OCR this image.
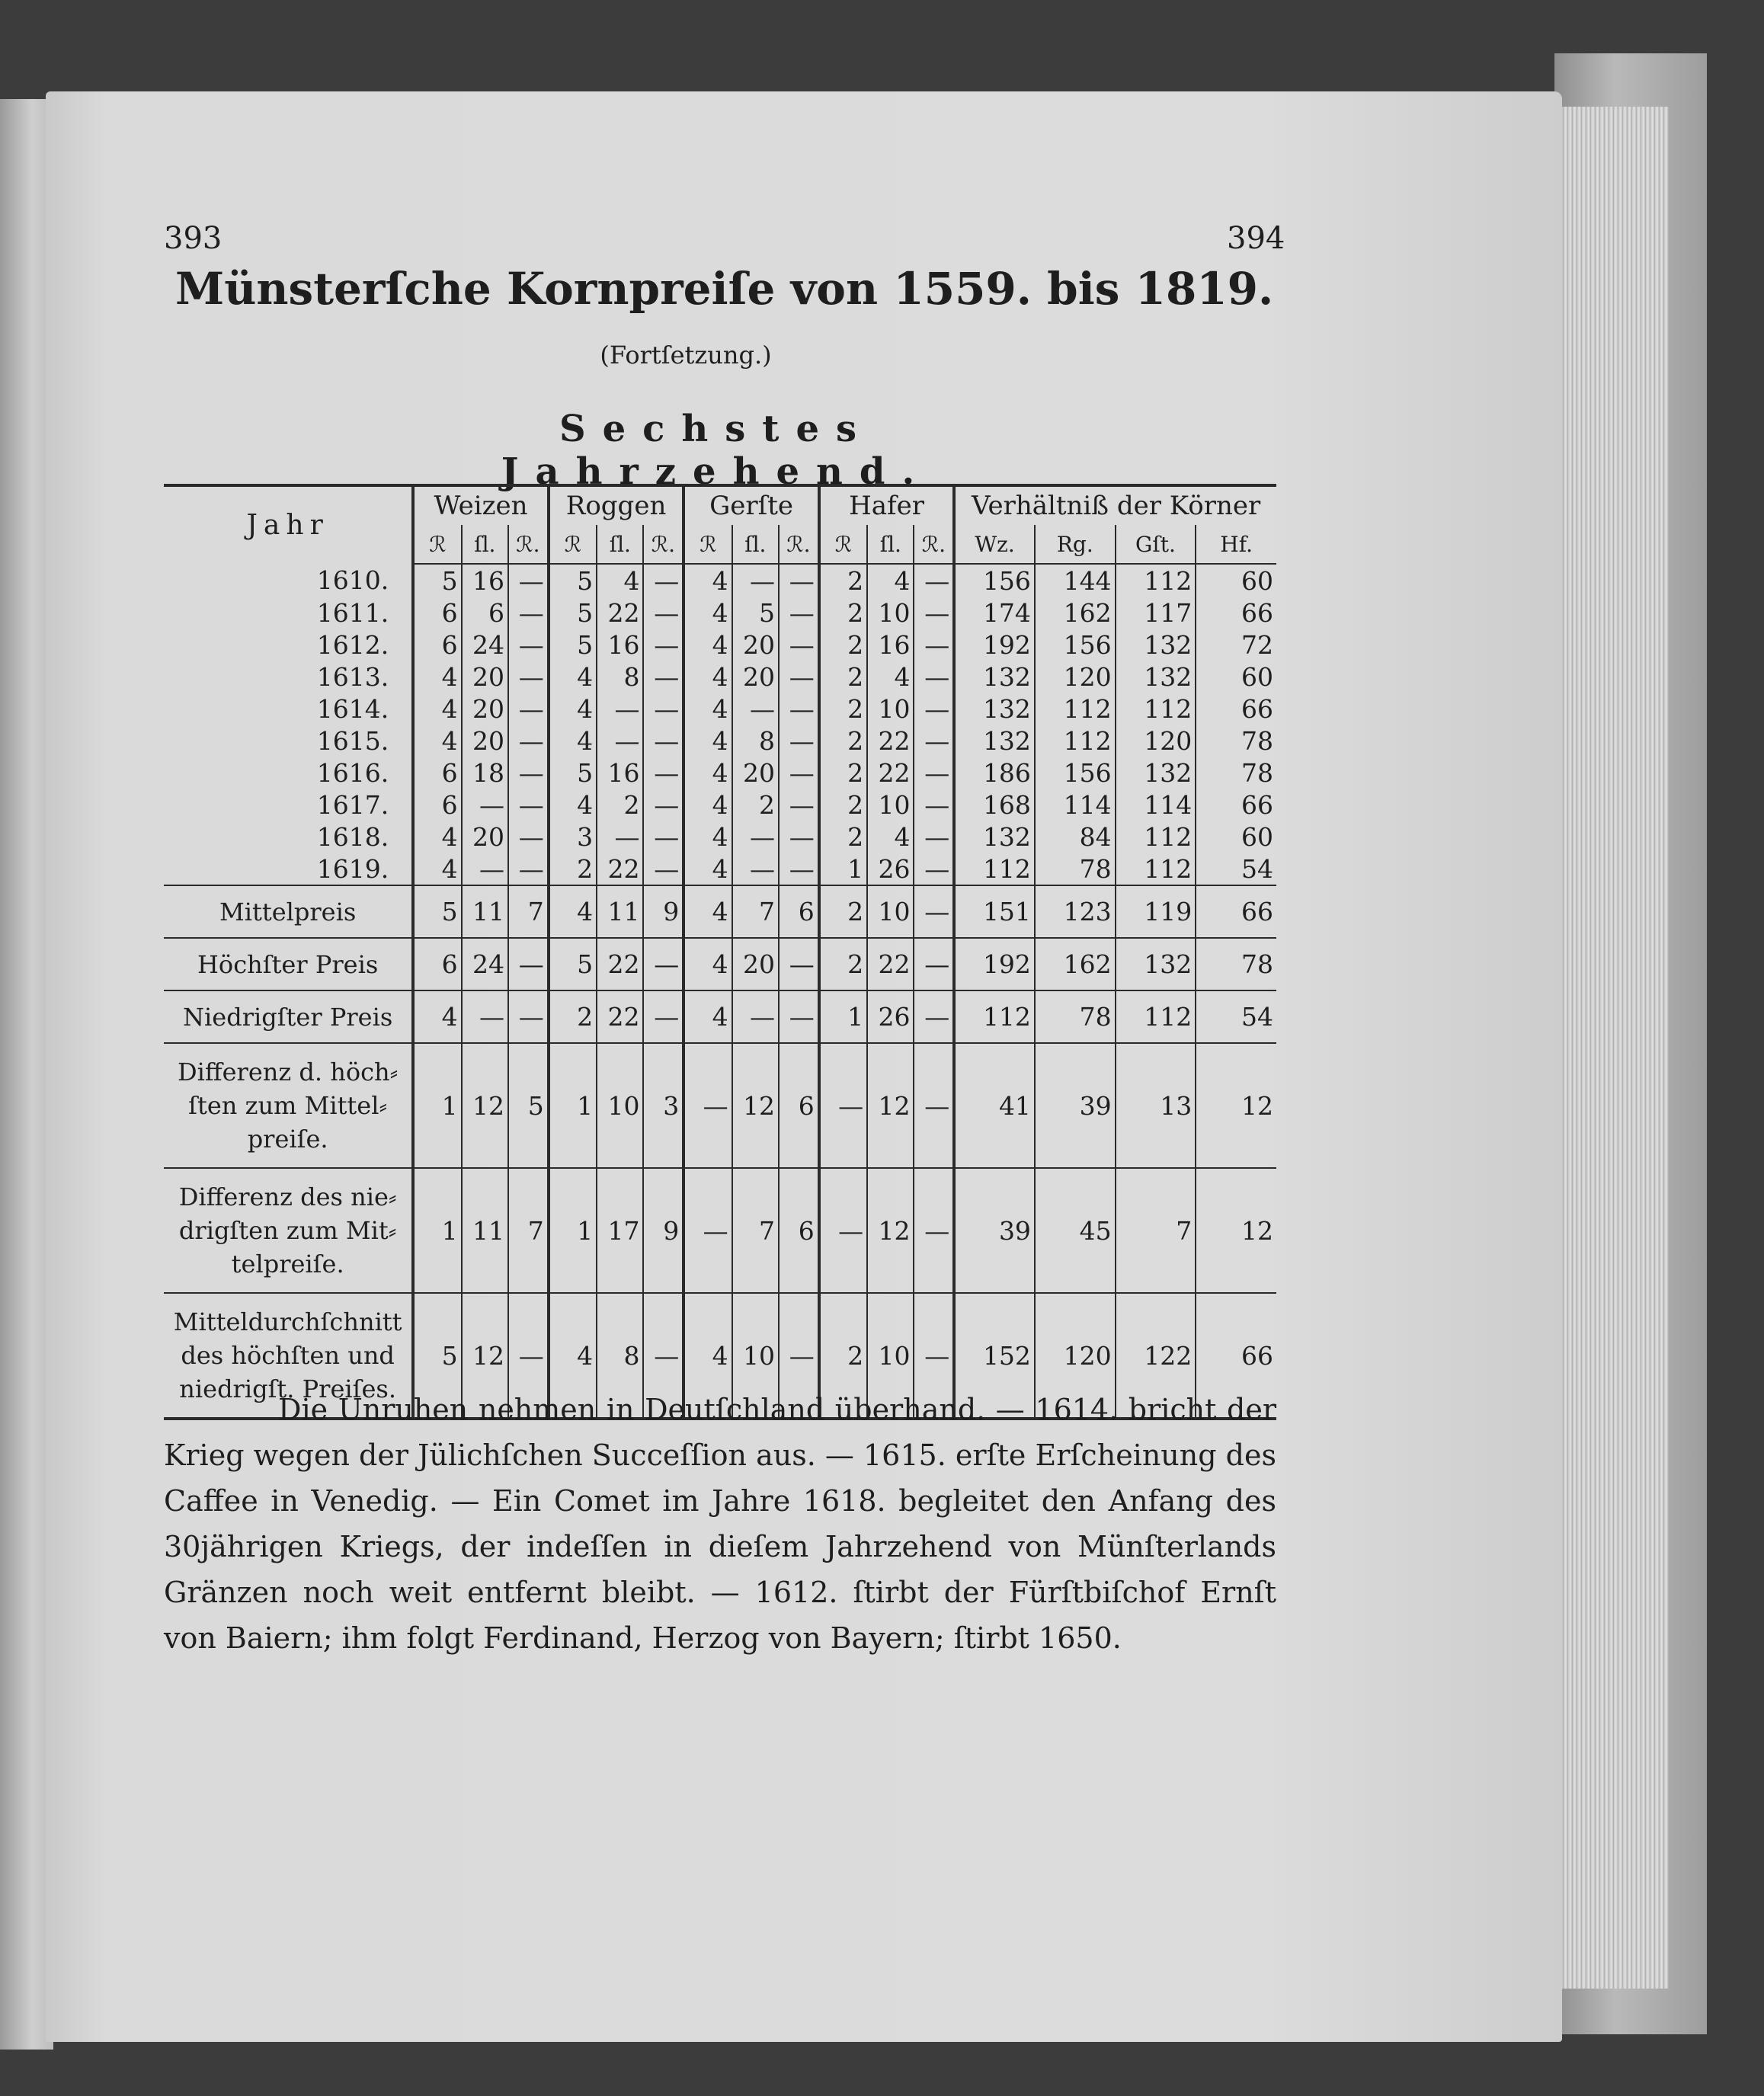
393	394
Münsterſche Kornpreiſe von 1559. bis 1819.
(Fortſetzung.)
Sechstes Jahrzehend.
Jahr	Weizen			Roggen			Gerſte			Hafer			Verhältniß der Körner			
	ℛ	ſl.	ℛ.	ℛ	ſl.	ℛ.	ℛ	ſl.	ℛ.	ℛ	ſl.	ℛ.	Wz.	Rg.	Gſt.	Hf.
1610.	5	16	—	5	4	—	4	—	—	2	4	—	156	144	112	60
1611.	6	6	—	5	22	—	4	5	—	2	10	—	174	162	117	66
1612.	6	24	—	5	16	—	4	20	—	2	16	—	192	156	132	72
1613.	4	20	—	4	8	—	4	20	—	2	4	—	132	120	132	60
1614.	4	20	—	4	—	—	4	—	—	2	10	—	132	112	112	66
1615.	4	20	—	4	—	—	4	8	—	2	22	—	132	112	120	78
1616.	6	18	—	5	16	—	4	20	—	2	22	—	186	156	132	78
1617.	6	—	—	4	2	—	4	2	—	2	10	—	168	114	114	66
1618.	4	20	—	3	—	—	4	—	—	2	4	—	132	84	112	60
1619.	4	—	—	2	22	—	4	—	—	1	26	—	112	78	112	54
Mittelpreis	5	11	7	4	11	9	4	7	6	2	10	—	151	123	119	66
Höchſter Preis	6	24	—	5	22	—	4	20	—	2	22	—	192	162	132	78
Niedrigſter Preis	4	—	—	2	22	—	4	—	—	1	26	—	112	78	112	54
Differenz d. höch⸗ſten zum Mittel⸗preiſe.	1	12	5	1	10	3	—	12	6	—	12	—	41	39	13	12
Differenz des nie⸗drigſten zum Mit⸗telpreiſe.	1	11	7	1	17	9	—	7	6	—	12	—	39	45	7	12
Mitteldurchſchnitt des höchſten und niedrigſt. Preiſes.	5	12	—	4	8	—	4	10	—	2	10	—	152	120	122	66

Die Unruhen nehmen in Deutſchland überhand. — 1614. bricht der Krieg wegen der Jülichſchen Succeſſion aus. — 1615. erſte Erſcheinung des Caffee in Venedig. — Ein Comet im Jahre 1618. begleitet den Anfang des 30jährigen Kriegs, der indeſſen in dieſem Jahrzehend von Münſterlands Gränzen noch weit entfernt bleibt. — 1612. ſtirbt der Fürſtbiſchof Ernſt von Baiern; ihm folgt Ferdinand, Herzog von Bayern; ſtirbt 1650.
